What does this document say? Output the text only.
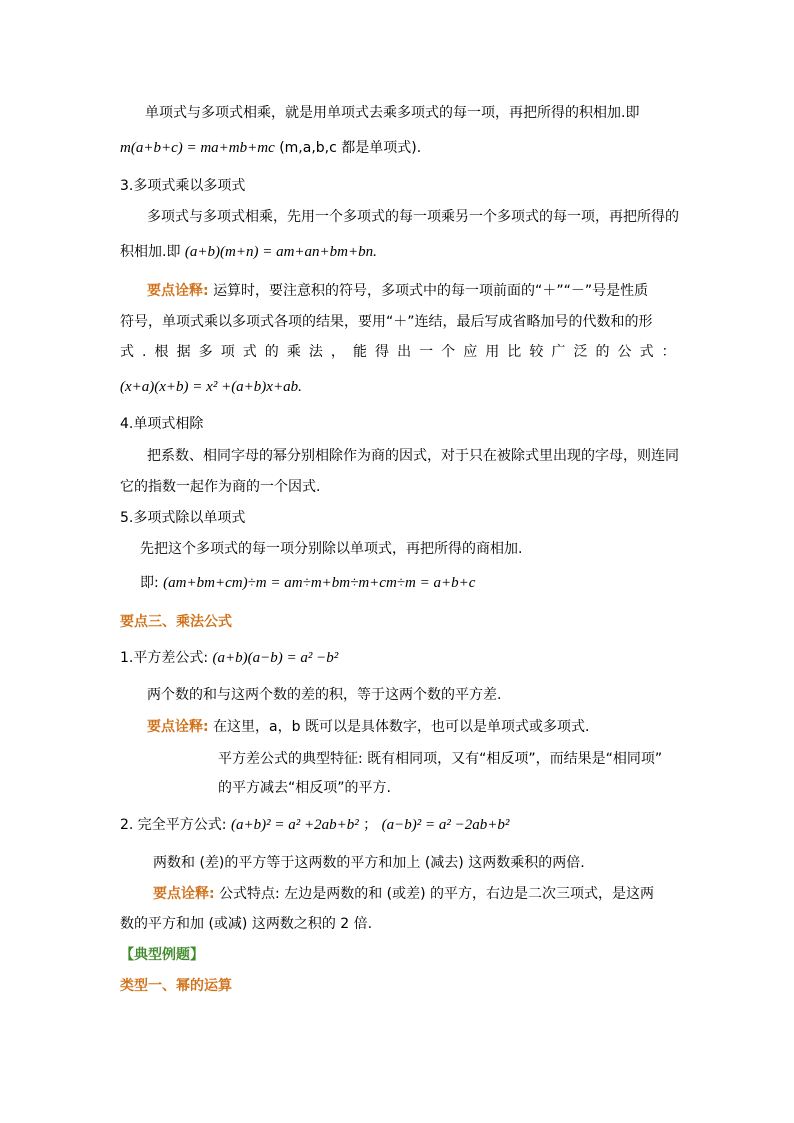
单项式与多项式相乘，就是用单项式去乘多项式的每一项，再把所得的积相加.即
m(a+b+c) = ma+mb+mc (m,a,b,c 都是单项式).
3.多项式乘以多项式
多项式与多项式相乘，先用一个多项式的每一项乘另一个多项式的每一项，再把所得的
积相加.即 (a+b)(m+n) = am+an+bm+bn.
要点诠释: 运算时，要注意积的符号，多项式中的每一项前面的“＋”“－”号是性质
符号，单项式乘以多项式各项的结果，要用“＋”连结，最后写成省略加号的代数和的形
式 . 根 据 多 项 式 的 乘 法 ， 能 得 出 一 个 应 用 比 较 广 泛 的 公 式 ：
(x+a)(x+b) = x² +(a+b)x+ab.
4.单项式相除
把系数、相同字母的幂分别相除作为商的因式，对于只在被除式里出现的字母，则连同
它的指数一起作为商的一个因式.
5.多项式除以单项式
先把这个多项式的每一项分别除以单项式，再把所得的商相加.
即: (am+bm+cm)÷m = am÷m+bm÷m+cm÷m = a+b+c
要点三、乘法公式
1.平方差公式: (a+b)(a−b) = a² −b²
两个数的和与这两个数的差的积，等于这两个数的平方差.
要点诠释: 在这里，a，b 既可以是具体数字，也可以是单项式或多项式.
平方差公式的典型特征: 既有相同项，又有“相反项”，而结果是“相同项”
的平方减去“相反项”的平方.
2. 完全平方公式: (a+b)² = a² +2ab+b² ； (a−b)² = a² −2ab+b²
两数和 (差)的平方等于这两数的平方和加上 (减去) 这两数乘积的两倍.
要点诠释: 公式特点: 左边是两数的和 (或差) 的平方，右边是二次三项式，是这两
数的平方和加 (或减) 这两数之积的 2 倍.
【典型例题】
类型一、幂的运算
